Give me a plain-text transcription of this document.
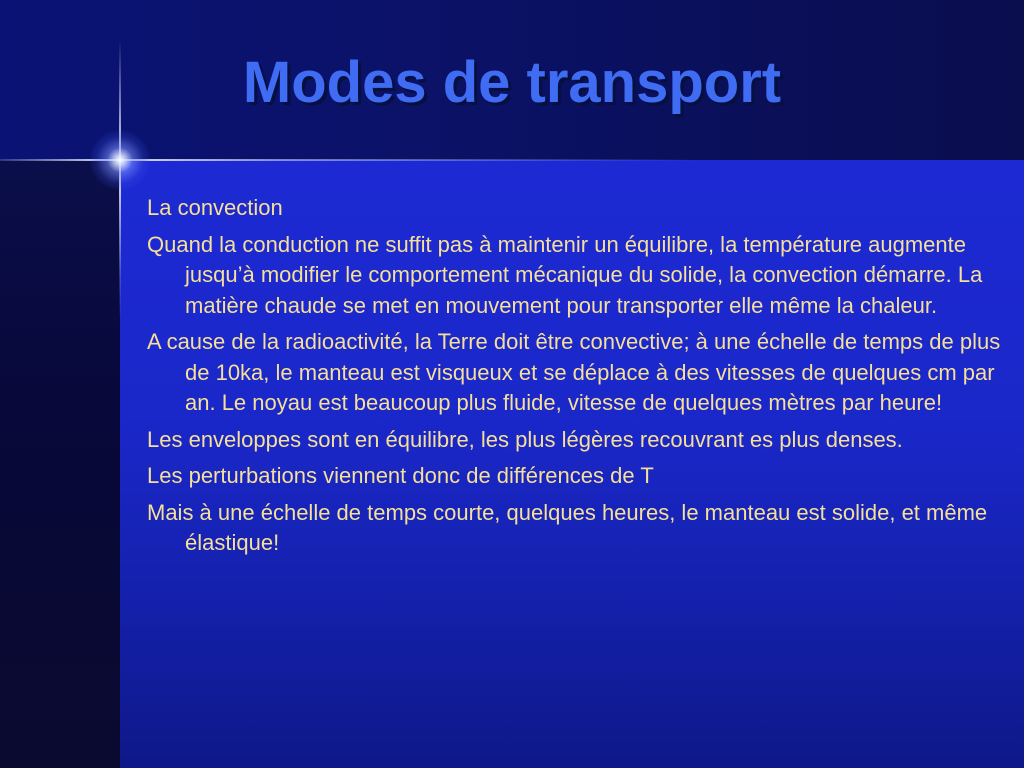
Modes de transport

La convection

Quand la conduction ne suffit pas à maintenir un équilibre, la température augmente jusqu’à modifier le comportement mécanique du solide, la convection démarre. La matière chaude se met en mouvement pour transporter elle même la chaleur.

A cause de la radioactivité, la Terre doit être convective; à une échelle de temps de plus de 10ka, le manteau est visqueux et se déplace à des vitesses de quelques cm par an. Le noyau est beaucoup plus fluide, vitesse de quelques mètres par heure!

Les enveloppes sont en équilibre, les plus légères recouvrant es plus denses.

Les perturbations viennent donc de différences de T

Mais à une échelle de temps courte, quelques heures, le manteau est solide, et même élastique!
